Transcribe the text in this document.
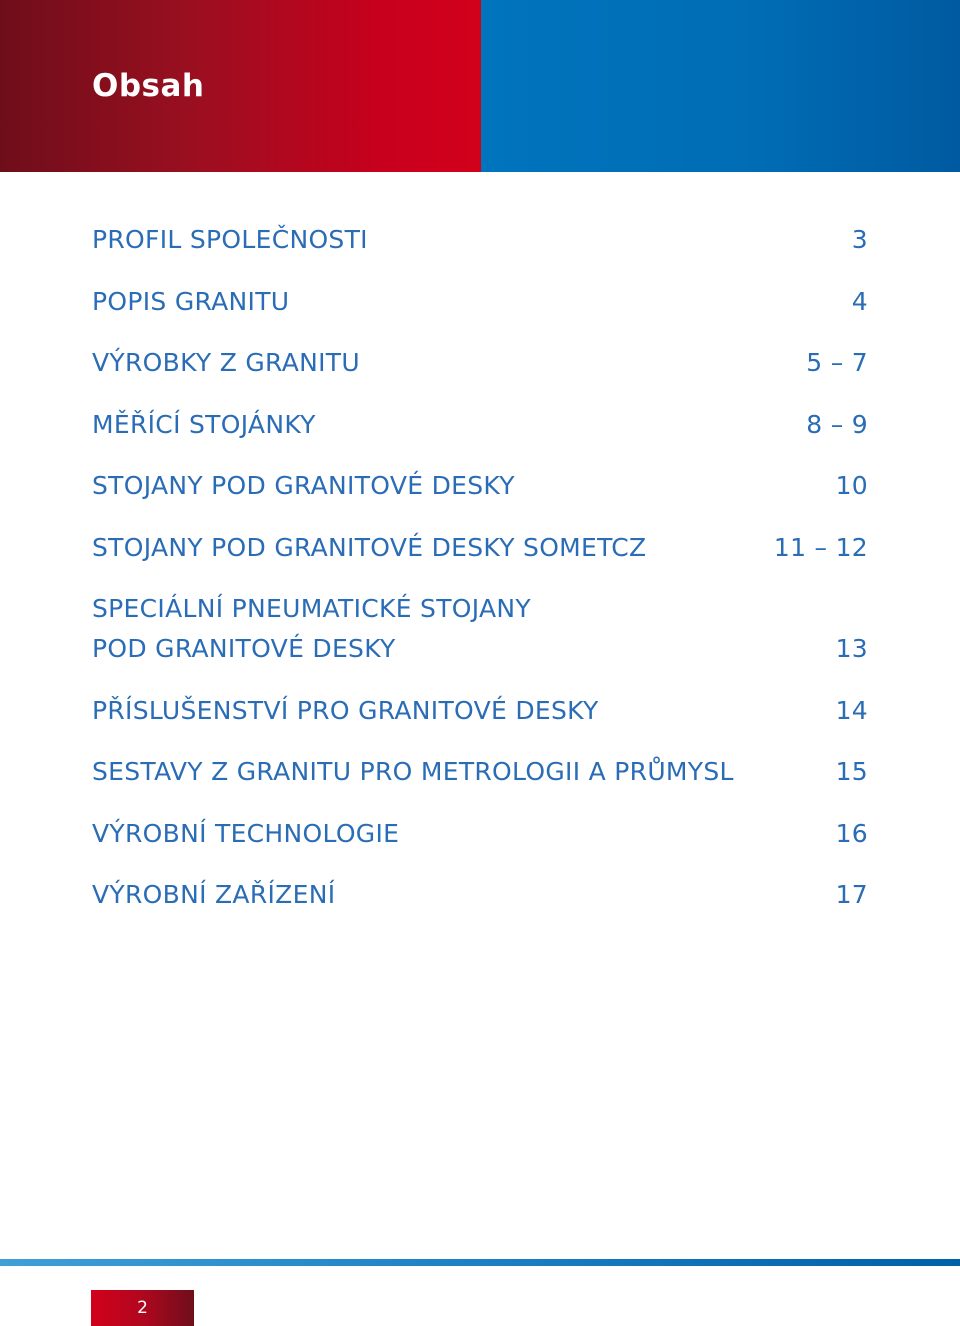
Obsah
PROFIL SPOLEČNOSTI	3
POPIS GRANITU	4
VÝROBKY Z GRANITU	5 – 7
MĚŘÍCÍ STOJÁNKY	8 – 9
STOJANY POD GRANITOVÉ DESKY	10
STOJANY POD GRANITOVÉ DESKY SOMETCZ	11 – 12
SPECIÁLNÍ PNEUMATICKÉ STOJANY
POD GRANITOVÉ DESKY	13
PŘÍSLUŠENSTVÍ PRO GRANITOVÉ DESKY	14
SESTAVY Z GRANITU PRO METROLOGII A PRŮMYSL	15
VÝROBNÍ TECHNOLOGIE	16
VÝROBNÍ ZAŘÍZENÍ	17
2
